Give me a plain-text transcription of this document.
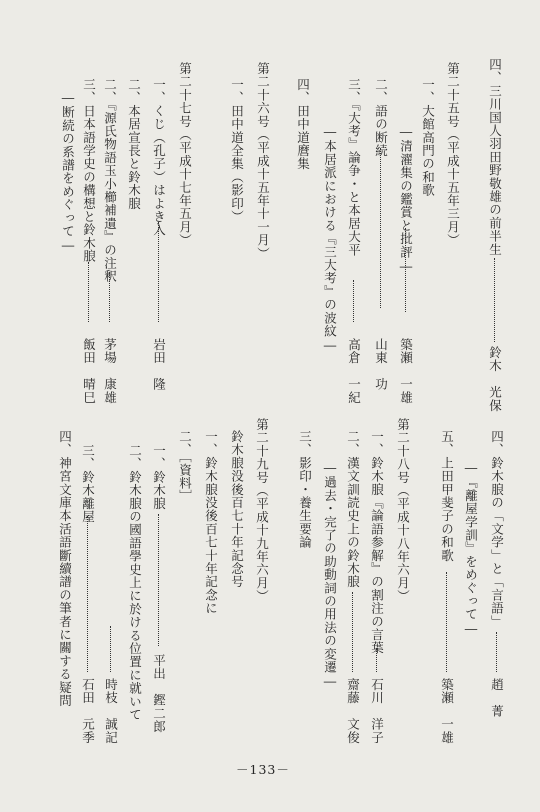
四、三川国人羽田野敬雄の前半生
鈴木　光保
第二十五号（平成十五年三月）
一、大館高門の和歌
―清濯集の鑑賞と批評―
築瀬　一雄
二、語の断続
山東　功
三、『大考』論争・と本居大平
高倉　一紀
―本居派における『三大考』の波紋―
四、田中道麿集
第二十六号（平成十五年十一月）
一、田中道全集（影印）
第二十七号（平成十七年五月）
一、くじ（孔子）はよき入
岩田　隆
二、本居宣長と鈴木朖
二、『源氏物語玉小櫛補遺』の注釈
茅場　康雄
三、日本語学史の構想と鈴木朖
飯田　晴巳
―断続の系譜をめぐって―
四、鈴木朖の「文学」と「言語」
趙　菁
―『離屋学訓』をめぐって―
五、上田甲斐子の和歌
築瀬　一雄
第二十八号（平成十八年六月）
一、鈴木朖『論語参解』の割注の言葉
石川　洋子
二、漢文訓読史上の鈴木朖
齋藤　文俊
―過去・完了の助動詞の用法の変遷―
三、影印・養生要論
第二十九号（平成十九年六月）
鈴木朖没後百七十年記念号
一、鈴木朖没後百七十年記念に
二、［資料］
一、鈴木朖
平出　鏗二郎
二、鈴木朖の國語學史上に於ける位置に就いて
時枝　誠記
三、鈴木離屋
石田　元季
四、神宮文庫本活語斷續譜の筆者に關する疑問
－133－
